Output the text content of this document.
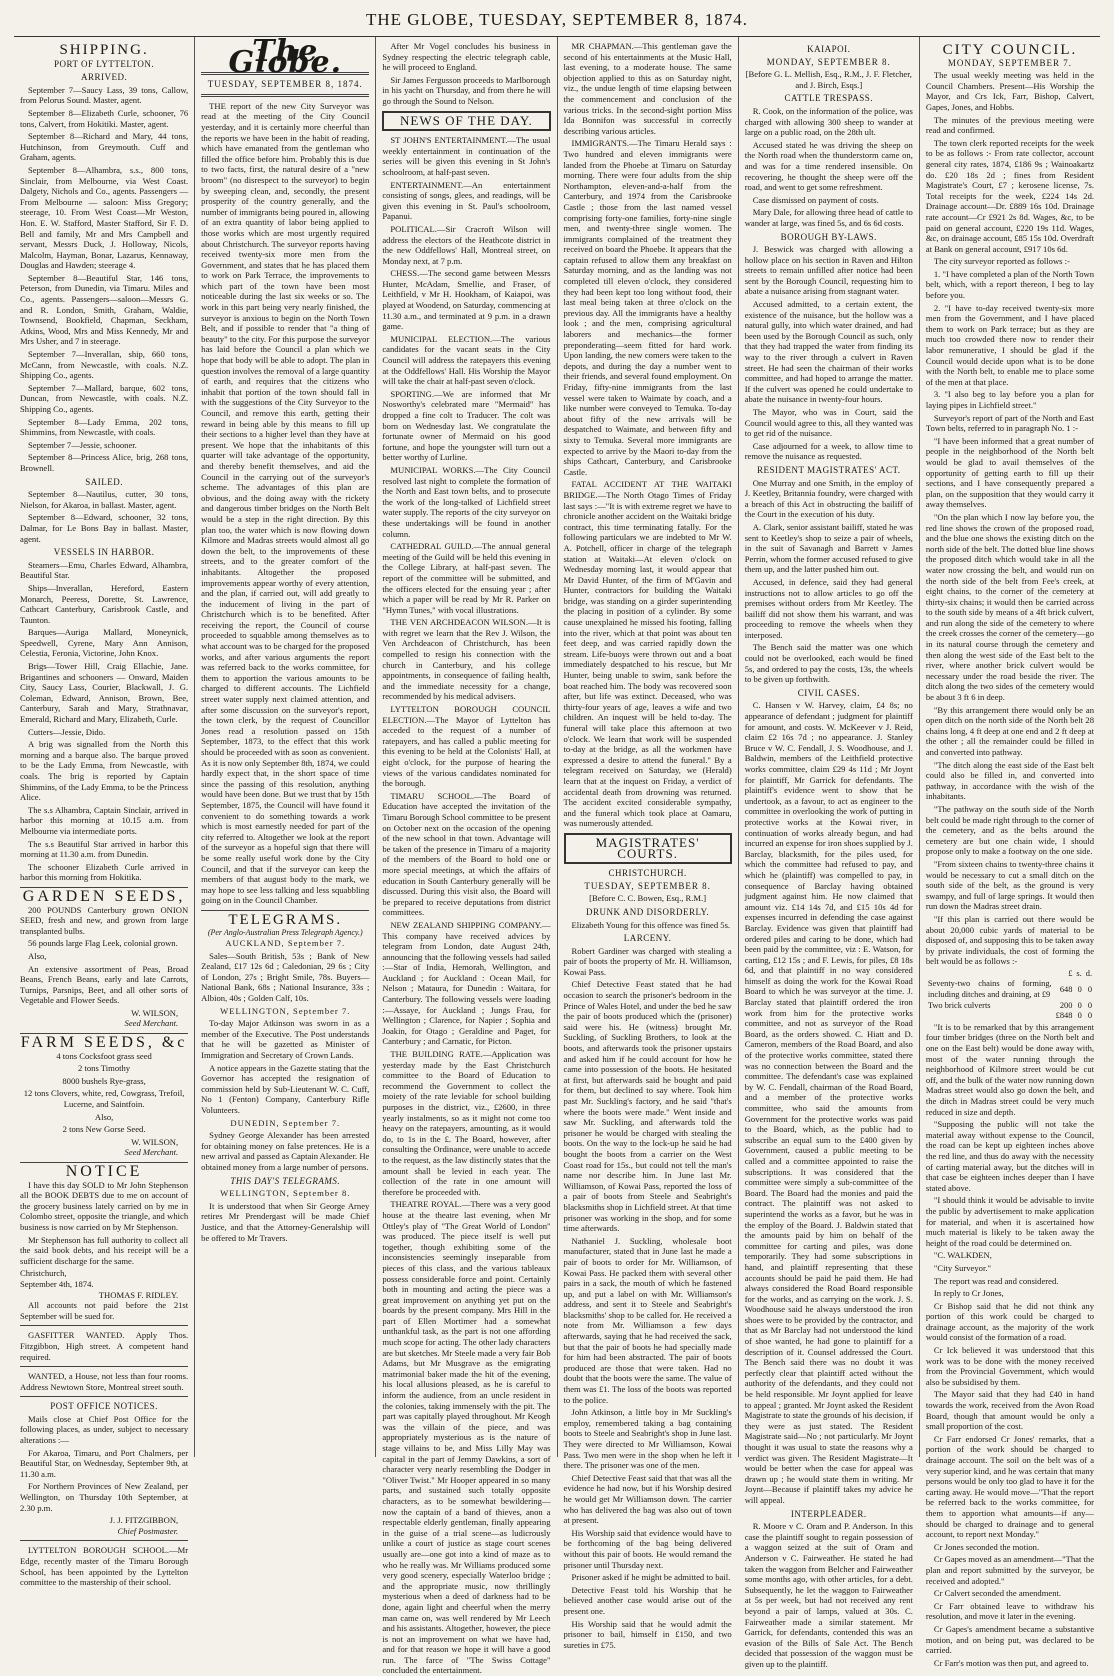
THE GLOBE, TUESDAY, SEPTEMBER 8, 1874.
SHIPPING.
PORT OF LYTTELTON.
ARRIVED.

September 7—Saucy Lass, 39 tons, Callow, from Pelorus Sound. Master, agent.

September 8—Elizabeth Curle, schooner, 76 tons, Calvert, from Hokitiki. Master, agent.

September 8—Richard and Mary, 44 tons, Hutchinson, from Greymouth. Cuff and Graham, agents.

September 8—Alhambra, s.s., 800 tons, Sinclair, from Melbourne, via West Coast. Dalgety, Nichols and Co., agents. Passengers — From Melbourne — saloon: Miss Gregory; steerage, 10. From West Coast—Mr Weston, Hon. E. W. Stafford, Master Stafford, Sir F. D. Bell and family, Mr and Mrs Campbell and servant, Messrs Duck, J. Holloway, Nicols, Malcolm, Hayman, Bonar, Lazarus, Kennaway, Douglas and Hawden; steerage 4.

September 8—Beautiful Star, 146 tons, Peterson, from Dunedin, via Timaru. Miles and Co., agents. Passengers—saloon—Messrs G. and R. London, Smith, Graham, Waldie, Townsend, Bookfield, Chapman, Seckham, Atkins, Wood, Mrs and Miss Kennedy, Mr and Mrs Usher, and 7 in steerage.

September 7—Inverallan, ship, 660 tons, McCann, from Newcastle, with coals. N.Z. Shipping Co., agents.

September 7—Mallard, barque, 602 tons, Duncan, from Newcastle, with coals. N.Z. Shipping Co., agents.

September 8—Lady Emma, 202 tons, Shimmins, from Newcastle, with coals.

September 7—Jessie, schooner.

September 8—Princess Alice, brig, 268 tons, Brownell.

SAILED.

September 8—Nautilus, cutter, 30 tons, Nielson, for Akaroa, in ballast. Master, agent.

September 8—Edward, schooner, 32 tons, Dalmar, for Le Bons Bay in ballast. Master, agent.

VESSELS IN HARBOR.

Steamers—Emu, Charles Edward, Alhambra, Beautiful Star.

Ships—Inverallan, Hereford, Eastern Monarch, Peeress, Dorette, St. Lawrence, Cathcart Canterbury, Carisbrook Castle, and Taunton.

Barques—Auriga Mallard, Moneynick, Speedwell, Cyrene, Mary Ann Annison, Celestia, Feronia, Victorine, John Knox.

Brigs—Tower Hill, Craig Ellachie, Jane. Brigantines and schooners — Onward, Maiden City, Saucy Lass, Courier, Blackwall, J. G. Coleman, Edward, Annison, Brown, Bee, Canterbury, Sarah and Mary, Strathnavar, Emerald, Richard and Mary, Elizabeth, Curle.

Cutters—Jessie, Dido.

A brig was signalled from the North this morning and a barque also. The barque proved to be the Lady Emma, from Newcastle, with coals. The brig is reported by Captain Shimmins, of the Lady Emma, to be the Princess Alice.

The s.s Alhambra, Captain Sinclair, arrived in harbor this morning at 10.15 a.m. from Melbourne via intermediate ports.

The s.s Beautiful Star arrived in harbor this morning at 11.30 a.m. from Dunedin.

The schooner Elizabeth Curle arrived in harbor this morning from Hokitika.

GARDEN SEEDS,

200 POUNDS Canterbury grown ONION SEED, fresh and new, and grown from large transplanted bulbs.

56 pounds large Flag Leek, colonial grown.

Also,

An extensive assortment of Peas, Broad Beans, French Beans, early and late Carrots, Turnips, Parsnips, Beet, and all other sorts of Vegetable and Flower Seeds.

W. WILSON,
Seed Merchant.
FARM SEEDS, &c

4 tons Cocksfoot grass seed

2 tons Timothy

8000 bushels Rye-grass,

12 tons Clovers, white, red, Cowgrass, Trefoil, Lucerne, and Saintfoin.

Also,

2 tons New Gorse Seed.

W. WILSON,
Seed Merchant.
NOTICE

I have this day SOLD to Mr John Stephenson all the BOOK DEBTS due to me on account of the grocery business lately carried on by me in Colombo street, opposite the triangle, and which business is now carried on by Mr Stephenson.

Mr Stephenson has full authority to collect all the said book debts, and his receipt will be a sufficient discharge for the same.

Christchurch,
September 4th, 1874.
THOMAS F. RIDLEY.

All accounts not paid before the 21st September will be sued for.

GASFITTER WANTED. Apply Thos. Fitzgibbon, High street. A competent hand required.

WANTED, a House, not less than four rooms. Address Newtown Store, Montreal street south.

POST OFFICE NOTICES.

Mails close at Chief Post Office for the following places, as under, subject to necessary alterations :—

For Akaroa, Timaru, and Port Chalmers, per Beautiful Star, on Wednesday, September 9th, at 11.30 a.m.

For Northern Provinces of New Zealand, per Wellington, on Thursday 10th September, at 2.30 p.m.

J. J. FITZGIBBON,
Chief Postmaster.

LYTTELTON BOROUGH SCHOOL.—Mr Edge, recently master of the Timaru Borough School, has been appointed by the Lyttelton committee to the mastership of their school.

The Globe.
TUESDAY, SEPTEMBER 8, 1874.

THE report of the new City Surveyor was read at the meeting of the City Council yesterday, and it is certainly more cheerful than the reports we have been in the habit of reading, which have emanated from the gentleman who filled the office before him. Probably this is due to two facts, first, the natural desire of a "new broom" (no disrespect to the surveyor) to begin by sweeping clean, and, secondly, the present prosperity of the country generally, and the number of immigrants being poured in, allowing of an extra quantity of labor being applied to those works which are most urgently required about Christchurch. The surveyor reports having received twenty-six more men from the Government, and states that he has placed them to work on Park Terrace, the improvements to which part of the town have been most noticeable during the last six weeks or so. The work in this part being very nearly finished, the surveyor is anxious to begin on the North Town Belt, and if possible to render that "a thing of beauty" to the city. For this purpose the surveyor has laid before the Council a plan which we hope that body will be able to adopt. The plan in question involves the removal of a large quantity of earth, and requires that the citizens who inhabit that portion of the town should fall in with the suggestions of the City Surveyor to the Council, and remove this earth, getting their reward in being able by this means to fill up their sections to a higher level than they have at present. We hope that the inhabitants of this quarter will take advantage of the opportunity, and thereby benefit themselves, and aid the Council in the carrying out of the surveyor's scheme. The advantages of this plan are obvious, and the doing away with the rickety and dangerous timber bridges on the North Belt would be a step in the right direction. By this plan too, the water which is now flowing down Kilmore and Madras streets would almost all go down the belt, to the improvements of these streets, and to the greater comfort of the inhabitants. Altogether the proposed improvements appear worthy of every attention, and the plan, if carried out, will add greatly to the inducement of living in the part of Christchurch which is to be benefited. After receiving the report, the Council of course proceeded to squabble among themselves as to what account was to be charged for the proposed works, and after various arguments the report was referred back to the works committee, for them to apportion the various amounts to be charged to different accounts. The Lichfield street water supply next claimed attention, and after some discussion on the surveyor's report, the town clerk, by the request of Councillor Jones read a resolution passed on 15th September, 1873, to the effect that this work should be proceeded with as soon as convenient. As it is now only September 8th, 1874, we could hardly expect that, in the short space of time since the passing of this resolution, anything would have been done. But we trust that by 15th September, 1875, the Council will have found it convenient to do something towards a work which is most earnestly needed for part of the city referred to. Altogether we look at the report of the surveyor as a hopeful sign that there will be some really useful work done by the City Council, and that if the surveyor can keep the members of that august body to the mark, we may hope to see less talking and less squabbling going on in the Council Chamber.

TELEGRAMS.
(Per Anglo-Australian Press Telegraph Agency.)

AUCKLAND, September 7.

Sales—South British, 53s ; Bank of New Zealand, £17 12s 6d ; Caledonian, 29 6s ; City of London, 27s ; Bright Smile, 78s. Buyers—National Bank, 68s ; National Insurance, 33s ; Albion, 40s ; Golden Calf, 10s.

WELLINGTON, September 7.

To-day Major Atkinson was sworn in as a member of the Executive. The Post understands that he will be gazetted as Minister of Immigration and Secretary of Crown Lands.

A notice appears in the Gazette stating that the Governor has accepted the resignation of commission held by Sub-Lieutenant W. C. Cuff, No 1 (Fenton) Company, Canterbury Rifle Volunteers.

DUNEDIN, September 7.

Sydney George Alexander has been arrested for obtaining money on false pretences. He is a new arrival and passed as Captain Alexander. He obtained money from a large number of persons.

THIS DAY'S TELEGRAMS.

WELLINGTON, September 8.

It is understood that when Sir George Arney retires Mr Prendergast will be made Chief Justice, and that the Attorney-Generalship will be offered to Mr Travers.

After Mr Vogel concludes his business in Sydney respecting the electric telegraph cable, he will proceed to England.

Sir James Fergusson proceeds to Marlborough in his yacht on Thursday, and from there he will go through the Sound to Nelson.

NEWS OF THE DAY.

ST JOHN'S ENTERTAINMENT.—The usual weekly entertainment in continuation of the series will be given this evening in St John's schoolroom, at half-past seven.

ENTERTAINMENT.—An entertainment consisting of songs, glees, and readings, will be given this evening in St. Paul's schoolroom, Papanui.

POLITICAL.—Sir Cracroft Wilson will address the electors of the Heathcote district in the new Oddfellows' Hall, Montreal street, on Monday next, at 7 p.m.

CHESS.—The second game between Messrs Hunter, McAdam, Smellie, and Fraser, of Leithfield, v Mr H. Hookham, of Kaiapoi, was played at Woodend, on Saturday, commencing at 11.30 a.m., and terminated at 9 p.m. in a drawn game.

MUNICIPAL ELECTION.—The various candidates for the vacant seats in the City Council will address the ratepayers this evening at the Oddfellows' Hall. His Worship the Mayor will take the chair at half-past seven o'clock.

SPORTING.—We are informed that Mr Nosworthy's celebrated mare "Mermaid" has dropped a fine colt to Traducer. The colt was born on Wednesday last. We congratulate the fortunate owner of Mermaid on his good fortune, and hope the youngster will turn out a better worthy of Lurline.

MUNICIPAL WORKS.—The City Council resolved last night to complete the formation of the North and East town belts, and to prosecute the work of the long-talked of Lichfield street water supply. The reports of the city surveyor on these undertakings will be found in another column.

CATHEDRAL GUILD.—The annual general meeting of the Guild will be held this evening in the College Library, at half-past seven. The report of the committee will be submitted, and the officers elected for the ensuing year ; after which a paper will be read by Mr R. Parker on "Hymn Tunes," with vocal illustrations.

THE VEN ARCHDEACON WILSON.—It is with regret we learn that the Rev J. Wilson, the Ven Archdeacon of Christchurch, has been compelled to resign his connection with the church in Canterbury, and his college appointments, in consequence of failing health, and the immediate necessity for a change, recommended by his medical advisers.

LYTTELTON BOROUGH COUNCIL ELECTION.—The Mayor of Lyttelton has acceded to the request of a number of ratepayers, and has called a public meeting for this evening to be held at the Colonists' Hall, at eight o'clock, for the purpose of hearing the views of the various candidates nominated for the borough.

TIMARU SCHOOL.—The Board of Education have accepted the invitation of the Timaru Borough School committee to be present on October next on the occasion of the opening of the new school in that town. Advantage will be taken of the presence in Timaru of a majority of the members of the Board to hold one or more special meetings, at which the affairs of education in South Canterbury generally will be discussed. During this visit also, the Board will be prepared to receive deputations from district committees.

NEW ZEALAND SHIPPING COMPANY.—This company have received advices by telegram from London, date August 24th, announcing that the following vessels had sailed :—Star of India, Hemorah, Wellington, and Auckland ; for Auckland : Ocean Mail, for Nelson ; Mataura, for Dunedin : Waitara, for Canterbury. The following vessels were loading :—Assaye, for Auckland ; Jungs Frau, for Wellington ; Clarence, for Napier ; Sophia and Joakin, for Otago ; Geraldine and Paget, for Canterbury ; and Carnatic, for Picton.

THE BUILDING RATE.—Application was yesterday made by the East Christchurch committee to the Board of Education to recommend the Government to collect the moiety of the rate leviable for school building purposes in the district, viz., £2600, in three yearly instalments, so as it might not come too heavy on the ratepayers, amounting, as it would do, to 1s in the £. The Board, however, after consulting the Ordinance, were unable to accede to the request, as the law distinctly states that the amount shall be levied in each year. The collection of the rate in one amount will therefore be proceeded with.

THEATRE ROYAL.—There was a very good house at the theatre last evening, when Mr Ottley's play of "The Great World of London" was produced. The piece itself is well put together, though exhibiting some of the inconsistencies seemingly inseparable from pieces of this class, and the various tableaux possess considerable force and point. Certainly both in mounting and acting the piece was a great improvement on anything yet put on the boards by the present company. Mrs Hill in the part of Ellen Mortimer had a somewhat unthankful task, as the part is not one affording much scope for acting. The other lady characters are but sketches. Mr Steele made a very fair Bob Adams, but Mr Musgrave as the emigrating matrimonial baker made the hit of the evening, his local allusions pleased, as he is careful to inform the audience, from an uncle resident in the colonies, taking immensely with the pit. The part was capitally played throughout. Mr Keogh was the villain of the piece, and was appropriately mysterious as is the nature of stage villains to be, and Miss Lilly May was capital in the part of Jemmy Dawkins, a sort of character very nearly resembling the Dodger in "Oliver Twist." Mr Hooper appeared in so many parts, and sustained such totally opposite characters, as to be somewhat bewildering—now the captain of a band of thieves, anon a respectable elderly gentleman, finally appearing in the guise of a trial scene—as ludicrously unlike a court of justice as stage court scenes usually are—one got into a kind of maze as to who he really was. Mr Williams produced some very good scenery, especially Waterloo bridge ; and the appropriate music, now thrillingly mysterious when a deed of darkness had to be done, again light and cheerful when the merry man came on, was well rendered by Mr Leech and his assistants. Altogether, however, the piece is not an improvement on what we have had, and for that reason we hope it will have a good run. The farce of "The Swiss Cottage" concluded the entertainment.

MR CHAPMAN.—This gentleman gave the second of his entertainments at the Music Hall, last evening, to a moderate house. The same objection applied to this as on Saturday night, viz., the undue length of time elapsing between the commencement and conclusion of the various tricks. In the second-sight portion Miss Ida Bonnifon was successful in correctly describing various articles.

IMMIGRANTS.—The Timaru Herald says : Two hundred and eleven immigrants were landed from the Phoebe at Timaru on Saturday morning. There were four adults from the ship Northampton, eleven-and-a-half from the Canterbury, and 1974 from the Carisbrooke Castle ; those from the last named vessel comprising forty-one families, forty-nine single men, and twenty-three single women. The immigrants complained of the treatment they received on board the Phoebe. It appears that the captain refused to allow them any breakfast on Saturday morning, and as the landing was not completed till eleven o'clock, they considered they had been kept too long without food, their last meal being taken at three o'clock on the previous day. All the immigrants have a healthy look ; and the men, comprising agricultural laborers and mechanics—the former preponderating—seem fitted for hard work. Upon landing, the new comers were taken to the depots, and during the day a number went to their friends, and several found employment. On Friday, fifty-nine immigrants from the last vessel were taken to Waimate by coach, and a like number were conveyed to Temuka. To-day about fifty of the new arrivals will be despatched to Waimate, and between fifty and sixty to Temuka. Several more immigrants are expected to arrive by the Maori to-day from the ships Cathcart, Canterbury, and Carisbrooke Castle.

FATAL ACCIDENT AT THE WAITAKI BRIDGE.—The North Otago Times of Friday last says :—"It is with extreme regret we have to chronicle another accident on the Waitaki bridge contract, this time terminating fatally. For the following particulars we are indebted to Mr W. A. Potchell, officer in charge of the telegraph station at Waitaki—At eleven o'clock on Wednesday morning last, it would appear that Mr David Hunter, of the firm of M'Gavin and Hunter, contractors for building the Waitaki bridge, was standing on a girder superintending the placing in position of a cylinder. By some cause unexplained he missed his footing, falling into the river, which at that point was about ten feet deep, and was carried rapidly down the stream. Life-buoys were thrown out and a boat immediately despatched to his rescue, but Mr Hunter, being unable to swim, sank before the boat reached him. The body was recovered soon after, but life was extinct. Deceased, who was thirty-four years of age, leaves a wife and two children. An inquest will be held to-day. The funeral will take place this afternoon at two o'clock. We learn that work will be suspended to-day at the bridge, as all the workmen have expressed a desire to attend the funeral." By a telegram received on Saturday, we (Herald) learn that at the inquest on Friday, a verdict of accidental death from drowning was returned. The accident excited considerable sympathy, and the funeral which took place at Oamaru, was numerously attended.

MAGISTRATES' COURTS.
CHRISTCHURCH.
TUESDAY, SEPTEMBER 8.
[Before C. C. Bowen, Esq., R.M.]
DRUNK AND DISORDERLY.

Elizabeth Young for this offence was fined 5s.

LARCENY.

Robert Gardiner was charged with stealing a pair of boots the property of Mr. H. Williamson, Kowai Pass.

Chief Detective Feast stated that he had occasion to search the prisoner's bedroom in the Prince of Wales Hotel, and under the bed he saw the pair of boots produced which the (prisoner) said were his. He (witness) brought Mr. Suckling, of Suckling Brothers, to look at the boots, and afterwards took the prisoner upstairs and asked him if he could account for how he came into possession of the boots. He hesitated at first, but afterwards said he bought and paid for them, but declined to say where. Took him past Mr. Suckling's factory, and he said "that's where the boots were made." Went inside and saw Mr. Suckling, and afterwards told the prisoner he would be charged with stealing the boots. On the way to the lock-up he said he had bought the boots from a carrier on the West Coast road for 15s., but could not tell the man's name nor describe him. In June last Mr. Williamson, of Kowai Pass, reported the loss of a pair of boots from Steele and Seabright's blacksmiths shop in Lichfield street. At that time prisoner was working in the shop, and for some time afterwards.

Nathaniel J. Suckling, wholesale boot manufacturer, stated that in June last he made a pair of boots to order for Mr. Williamson, of Kowai Pass. He packed them with several other pairs in a sack, the mouth of which he fastened up, and put a label on with Mr. Williamson's address, and sent it to Steele and Seabright's blacksmiths' shop to be called for. He received a note from Mr. Williamson a few days afterwards, saying that he had received the sack, but that the pair of boots he had specially made for him had been abstracted. The pair of boots produced are those that were taken. Had no doubt that the boots were the same. The value of them was £1. The loss of the boots was reported to the police.

John Atkinson, a little boy in Mr Suckling's employ, remembered taking a bag containing boots to Steele and Seabright's shop in June last. They were directed to Mr Williamson, Kowai Pass. Two men were in the shop when he left it there. The prisoner was one of the men.

Chief Detective Feast said that that was all the evidence he had now, but if his Worship desired he would get Mr Williamson down. The carrier who has delivered the bag was also out of town at present.

His Worship said that evidence would have to be forthcoming of the bag being delivered without this pair of boots. He would remand the prisoner until Thursday next.

Prisoner asked if he might be admitted to bail.

Detective Feast told his Worship that he believed another case would arise out of the present one.

His Worship said that he would admit the prisoner to bail, himself in £150, and two sureties in £75.

KAIAPOI.
MONDAY, SEPTEMBER 8.
[Before G. L. Mellish, Esq., R.M., J. F. Fletcher, and J. Birch, Esqs.]
CATTLE TRESPASS.

R. Cook, on the information of the police, was charged with allowing 300 sheep to wander at large on a public road, on the 28th ult.

Accused stated he was driving the sheep on the North road when the thunderstorm came on, and was for a time rendered insensible. On recovering, he thought the sheep were off the road, and went to get some refreshment.

Case dismissed on payment of costs.

Mary Dale, for allowing three head of cattle to wander at large, was fined 5s, and 6s 6d costs.

BOROUGH BY-LAWS.

J. Beswick was charged with allowing a hollow place on his section in Raven and Hilton streets to remain unfilled after notice had been sent by the Borough Council, requesting him to abate a nuisance arising from stagnant water.

Accused admitted, to a certain extent, the existence of the nuisance, but the hollow was a natural gully, into which water drained, and had been used by the Borough Council as such, only that they had trapped the water from finding its way to the river through a culvert in Raven street. He had seen the chairman of their works committee, and had hoped to arrange the matter. If the culvert was opened he could undertake to abate the nuisance in twenty-four hours.

The Mayor, who was in Court, said the Council would agree to this, all they wanted was to get rid of the nuisance.

Case adjourned for a week, to allow time to remove the nuisance as requested.

RESIDENT MAGISTRATES' ACT.

One Murray and one Smith, in the employ of J. Keetley, Britannia foundry, were charged with a breach of this Act in obstructing the bailiff of the Court in the execution of his duty.

A. Clark, senior assistant bailiff, stated he was sent to Keetley's shop to seize a pair of wheels, in the suit of Savanagh and Barrett v James Perrin, whom the former accused refused to give them up, and the latter pushed him out.

Accused, in defence, said they had general instructions not to allow articles to go off the premises without orders from Mr Keetley. The bailiff did not show them his warrant, and was proceeding to remove the wheels when they interposed.

The Bench said the matter was one which could not be overlooked, each would be fined 5s, and ordered to pay the costs, 13s, the wheels to be given up forthwith.

CIVIL CASES.

C. Hansen v W. Harvey, claim, £4 8s; no appearance of defendant ; judgment for plaintiff for amount, and costs. W. McKeever v J. Reid, claim £2 16s 7d ; no appearance. J. Stanley Bruce v W. C. Fendall, J. S. Woodhouse, and J. Baldwin, members of the Leithfield protective works committee, claim £29 4s 11d ; Mr Joynt for plaintiff, Mr Garrick for defendants. The plaintiff's evidence went to show that he undertook, as a favour, to act as engineer to the committee in overlooking the work of putting in protective works at the Kowai river, in continuation of works already begun, and had incurred an expense for iron shoes supplied by J. Barclay, blacksmith, for the piles used, for which the committee had refused to pay, and which he (plaintiff) was compelled to pay, in consequence of Barclay having obtained judgment against him. He now claimed that amount viz. £14 14s 7d, and £15 10s 4d for expenses incurred in defending the case against Barclay. Evidence was given that plaintiff had ordered piles and caring to be done, which had been paid by the committee, viz : E. Watson, for carting, £12 15s ; and F. Lewis, for piles, £8 18s 6d, and that plaintiff in no way considered himself as doing the work for the Kowai Road Board to which he was surveyor at the time. J. Barclay stated that plaintiff ordered the iron work from him for the protective works committee, and not as surveyor of the Road Board, as the orders showed. C. Hiatt and D. Cameron, members of the Road Board, and also of the protective works committee, stated there was no connection between the Board and the committee. The defendant's case was explained by W. C. Fendall, chairman of the Road Board, and a member of the protective works committee, who said the amounts from Government for the protective works was paid to the Board, which, as the public had to subscribe an equal sum to the £400 given by Government, caused a public meeting to be called and a committee appointed to raise the subscriptions. It was considered that the committee were simply a sub-committee of the Board. The Board had the monies and paid the contract. The plaintiff was not asked to superintend the works as a favor, but he was in the employ of the Board. J. Baldwin stated that the amounts paid by him on behalf of the committee for carting and piles, was done temporarily. They had some subscriptions in hand, and plaintiff representing that these accounts should be paid he paid them. He had always considered the Road Board responsible for the works, and as carrying on the work. J. S. Woodhouse said he always understood the iron shoes were to be provided by the contractor, and that as Mr Barclay had not understood the kind of shoe wanted, he had gone to plaintiff for a description of it. Counsel addressed the Court. The Bench said there was no doubt it was perfectly clear that plaintiff acted without the authority of the defendants, and they could not be held responsible. Mr Joynt applied for leave to appeal ; granted. Mr Joynt asked the Resident Magistrate to state the grounds of his decision, if they were as just stated. The Resident Magistrate said—No ; not particularly. Mr Joynt thought it was usual to state the reasons why a verdict was given. The Resident Magistrate—It would be better when the case for appeal was drawn up ; he would state them in writing. Mr Joynt—Because if plaintiff takes my advice he will appeal.

INTERPLEADER.

R. Moore v C. Oram and P. Anderson. In this case the plaintiff sought to regain possession of a waggon seized at the suit of Oram and Anderson v C. Fairweather. He stated he had taken the waggon from Belcher and Fairweather some months ago, with other articles, for a debt. Subsequently, he let the waggon to Fairweather at 5s per week, but had not received any rent beyond a pair of lamps, valued at 30s. C. Fairweather made a similar statement. Mr Garrick, for defendants, contended this was an evasion of the Bills of Sale Act. The Bench decided that possession of the waggon must be given up to the plaintiff.

CITY COUNCIL.
MONDAY, SEPTEMBER 7.

The usual weekly meeting was held in the Council Chambers. Present—His Worship the Mayor, and Crs Ick, Farr, Bishop, Calvert, Gapes, Jones, and Hobbs.

The minutes of the previous meeting were read and confirmed.

The town clerk reported receipts for the week to be as follows :- From rate collector, account general city rates, 1874, £186 9s ; Wainoakartz do. £20 18s 2d ; fines from Resident Magistrate's Court, £7 ; kerosene license, 7s. Total receipts for the week, £224 14s 2d. Drainage account—Dr. £889 16s 10d. Drainage rate account—Cr £921 2s 8d. Wages, &c, to be paid on general account, £220 19s 11d. Wages, &c, on drainage account, £85 15s 10d. Overdraft at Bank on general account, £917 10s 6d.

The city surveyor reported as follows :-

1. "I have completed a plan of the North Town belt, which, with a report thereon, I beg to lay before you.

2. "I have to-day received twenty-six more men from the Government, and I have placed them to work on Park terrace; but as they are much too crowded there now to render their labor remunerative, I should be glad if the Council would decide upon what is to be done with the North belt, to enable me to place some of the men at that place.

3. "I also beg to lay before you a plan for laying pipes in Lichfield street."

Surveyor's report of part of the North and East Town belts, referred to in paragraph No. 1 :-

"I have been informed that a great number of people in the neighborhood of the North belt would be glad to avail themselves of the opportunity of getting earth to fill up their sections, and I have consequently prepared a plan, on the supposition that they would carry it away themselves.

"On the plan which I now lay before you, the red line shows the crown of the proposed road, and the blue one shows the existing ditch on the north side of the belt. The dotted blue line shows the proposed ditch which would take in all the water now crossing the belt, and would run on the north side of the belt from Fee's creek, at eight chains, to the corner of the cemetery at thirty-six chains; it would then be carried across to the south side by means of a 4ft brick culvert, and run along the side of the cemetery to where the creek crosses the corner of the cemetery—go in its natural course through the cemetery and then along the west side of the East belt to the river, where another brick culvert would be necessary under the road beside the river. The ditch along the two sides of the cemetery would be about 3 ft 6 in deep.

"By this arrangement there would only be an open ditch on the north side of the North belt 28 chains long, 4 ft deep at one end and 2 ft deep at the other ; all the remainder could be filled in and converted into pathway.

"The ditch along the east side of the East belt could also be filled in, and converted into pathway, in accordance with the wish of the inhabitants.

"The pathway on the south side of the North belt could be made right through to the corner of the cemetery, and as the belts around the cemetery are but one chain wide, I should propose only to make a footway on the one side.

"From sixteen chains to twenty-three chains it would be necessary to cut a small ditch on the south side of the belt, as the ground is very swampy, and full of large springs. It would then run down the Madras street drain.

"If this plan is carried out there would be about 20,000 cubic yards of material to be disposed of, and supposing this to be taken away by private individuals, the cost of forming the belt would be as follows :-

	£	s.	d.
Seventy-two chains of forming, including ditches and draining, at £9	648	0	0
Two brick culverts	200	0	0
	£848	0	0

"It is to be remarked that by this arrangement four timber bridges (three on the North belt and one on the East belt) would be done away with, most of the water running through the neighborhood of Kilmore street would be cut off, and the bulk of the water now running down Madras street would also go down the belt, and the ditch in Madras street could be very much reduced in size and depth.

"Supposing the public will not take the material away without expense to the Council, the road can be kept up eighteen inches above the red line, and thus do away with the necessity of carting material away, but the ditches will in that case be eighteen inches deeper than I have stated above.

"I should think it would be advisable to invite the public by advertisement to make application for material, and when it is ascertained how much material is likely to be taken away the height of the road could be determined on.

"C. WALKDEN,

"City Surveyor."

The report was read and considered.

In reply to Cr Jones,

Cr Bishop said that he did not think any portion of this work could be charged to drainage account, as the majority of the work would consist of the formation of a road.

Cr Ick believed it was understood that this work was to be done with the money received from the Provincial Government, which would also be subsidised by them.

The Mayor said that they had £40 in hand towards the work, received from the Avon Road Board, though that amount would be only a small proportion of the cost.

Cr Farr endorsed Cr Jones' remarks, that a portion of the work should be charged to drainage account. The soil on the belt was of a very superior kind, and he was certain that many persons would be only too glad to have it for the carting away. He would move—"That the report be referred back to the works committee, for them to apportion what amounts—if any—should be charged to drainage and to general account, to report next Monday."

Cr Jones seconded the motion.

Cr Gapes moved as an amendment—"That the plan and report submitted by the surveyor, be received and adopted."

Cr Calvert seconded the amendment.

Cr Farr obtained leave to withdraw his resolution, and move it later in the evening.

Cr Gapes's amendment became a substantive motion, and on being put, was declared to be carried.

Cr Farr's motion was then put, and agreed to.
